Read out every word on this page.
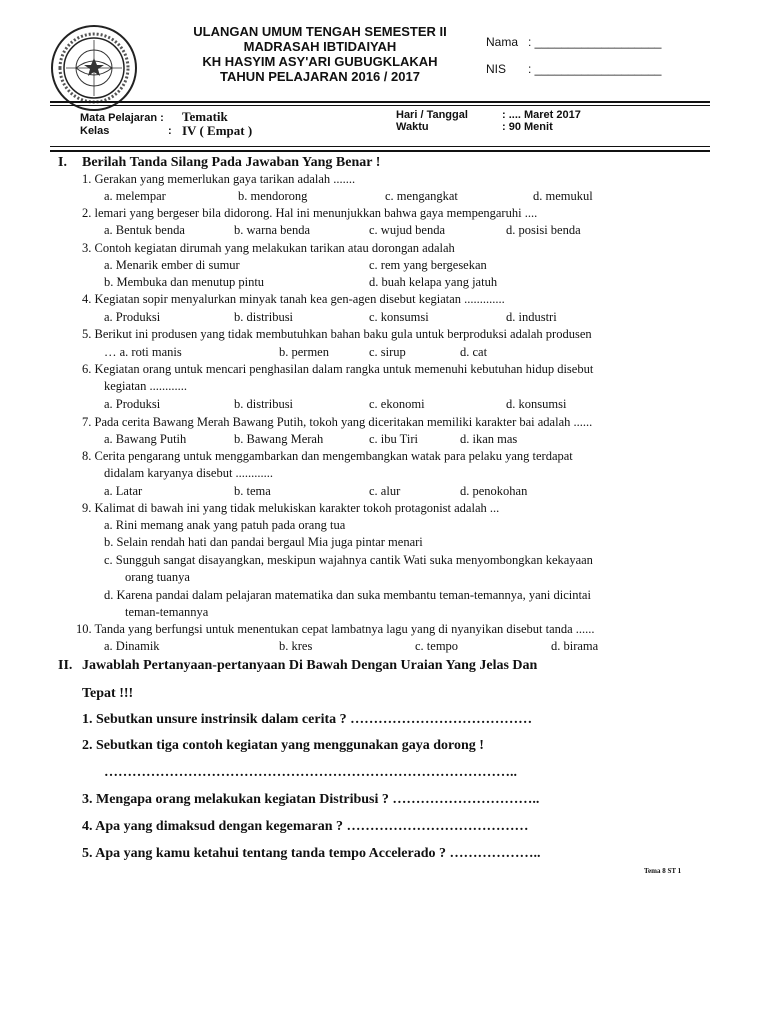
ULANGAN UMUM TENGAH SEMESTER II
MADRASAH IBTIDAIYAH
KH HASYIM ASY'ARI GUBUGKLAKAH
TAHUN PELAJARAN 2016 / 2017
Nama : ___________________
NIS : ___________________
Mata Pelajaran : Tematik
Kelas	: IV ( Empat )
Hari / Tanggal	: .... Maret 2017
Waktu	: 90 Menit
I. Berilah Tanda Silang Pada Jawaban Yang Benar !
1. Gerakan yang memerlukan gaya tarikan adalah .......
a. melempar	b. mendorong	c. mengangkat	d. memukul
2. lemari yang bergeser bila didorong. Hal ini menunjukkan bahwa gaya mempengaruhi ....
a. Bentuk benda	b. warna benda	c. wujud benda	d. posisi benda
3. Contoh kegiatan dirumah yang melakukan tarikan atau dorongan adalah
a. Menarik ember di sumur	c. rem yang bergesekan
b. Membuka dan menutup pintu	d. buah kelapa yang jatuh
4. Kegiatan sopir menyalurkan minyak tanah kea gen-agen disebut kegiatan .............
a. Produksi	b. distribusi	c. konsumsi	d. industri
5. Berikut ini produsen yang tidak membutuhkan bahan baku gula untuk berproduksi adalah produsen
… a. roti manis	b. permen	c. sirup	d. cat
6. Kegiatan orang untuk mencari penghasilan dalam rangka untuk memenuhi kebutuhan hidup disebut
kegiatan ............
a. Produksi	b. distribusi	c. ekonomi	d. konsumsi
7. Pada cerita Bawang Merah Bawang Putih, tokoh yang diceritakan memiliki karakter bai adalah ......
a. Bawang Putih	b. Bawang Merah	c. ibu Tiri	d. ikan mas
8. Cerita pengarang untuk menggambarkan dan mengembangkan watak para pelaku yang terdapat
didalam karyanya disebut ............
a. Latar	b. tema	c. alur	d. penokohan
9. Kalimat di bawah ini yang tidak melukiskan karakter tokoh protagonist adalah ...
a. Rini memang anak yang patuh pada orang tua
b. Selain rendah hati dan pandai bergaul Mia juga pintar menari
c. Sungguh sangat disayangkan, meskipun wajahnya cantik Wati suka menyombongkan kekayaan
orang tuanya
d. Karena pandai dalam pelajaran matematika dan suka membantu teman-temannya, yani dicintai
teman-temannya
10. Tanda yang berfungsi untuk menentukan cepat lambatnya lagu yang di nyanyikan disebut tanda ......
a. Dinamik	b. kres	c. tempo	d. birama
II. Jawablah Pertanyaan-pertanyaan Di Bawah Dengan Uraian Yang Jelas Dan
Tepat !!!
1. Sebutkan unsure instrinsik dalam cerita ? …………………………………
2. Sebutkan tiga contoh kegiatan yang menggunakan gaya dorong !
……………………………………………………………………………..
3. Mengapa orang melakukan kegiatan Distribusi ? …………………………..
4. Apa yang dimaksud dengan kegemaran ? …………………………………
5. Apa yang kamu ketahui tentang tanda tempo Accelerado ? ………………..
Tema 8 ST 1
